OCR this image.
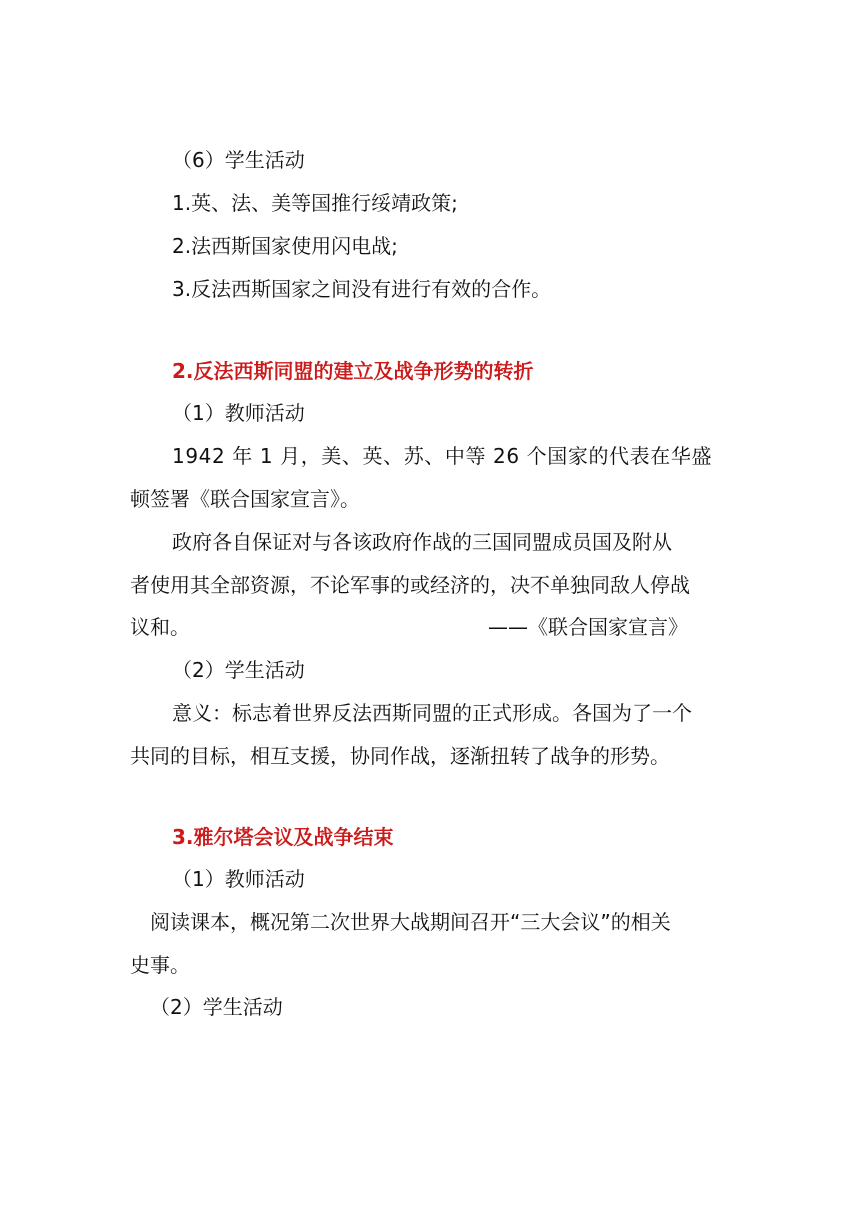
（6）学生活动
1.英、法、美等国推行绥靖政策;
2.法西斯国家使用闪电战;
3.反法西斯国家之间没有进行有效的合作。
2.反法西斯同盟的建立及战争形势的转折
（1）教师活动
1942 年 1 月，美、英、苏、中等 26 个国家的代表在华盛
顿签署《联合国家宣言》。
政府各自保证对与各该政府作战的三国同盟成员国及附从
者使用其全部资源，不论军事的或经济的，决不单独同敌人停战
议和。	——《联合国家宣言》
（2）学生活动
意义：标志着世界反法西斯同盟的正式形成。各国为了一个
共同的目标，相互支援，协同作战，逐渐扭转了战争的形势。
3.雅尔塔会议及战争结束
（1）教师活动
阅读课本，概况第二次世界大战期间召开“三大会议”的相关
史事。
（2）学生活动
